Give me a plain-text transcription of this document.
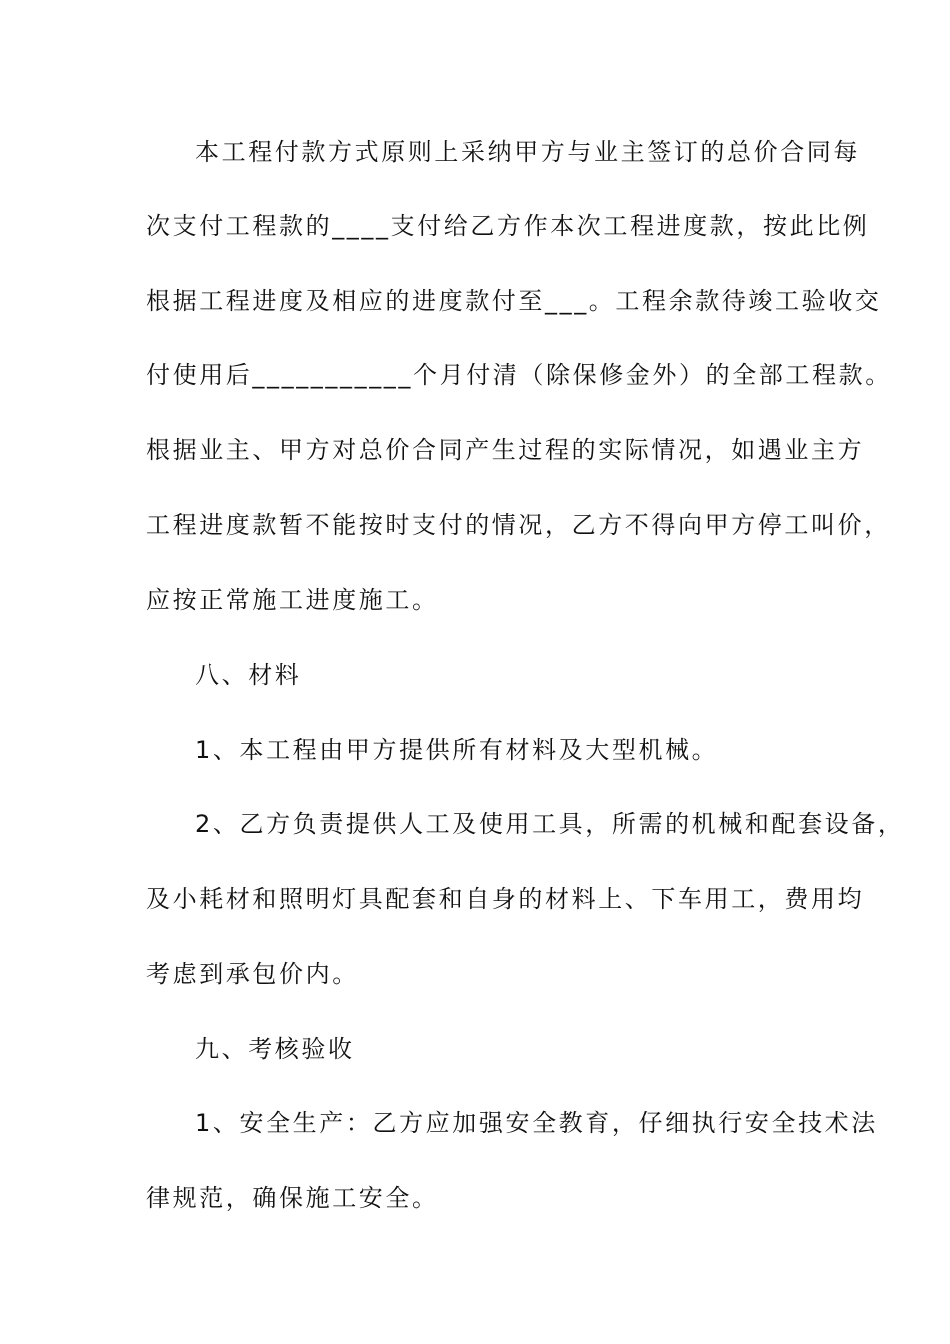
本工程付款方式原则上采纳甲方与业主签订的总价合同每
次支付工程款的____支付给乙方作本次工程进度款，按此比例
根据工程进度及相应的进度款付至___。工程余款待竣工验收交
付使用后___________个月付清（除保修金外）的全部工程款。
根据业主、甲方对总价合同产生过程的实际情况，如遇业主方
工程进度款暂不能按时支付的情况，乙方不得向甲方停工叫价，
应按正常施工进度施工。
八、材料
1、本工程由甲方提供所有材料及大型机械。
2、乙方负责提供人工及使用工具，所需的机械和配套设备，
及小耗材和照明灯具配套和自身的材料上、下车用工，费用均
考虑到承包价内。
九、考核验收
1、安全生产：乙方应加强安全教育，仔细执行安全技术法
律规范，确保施工安全。
